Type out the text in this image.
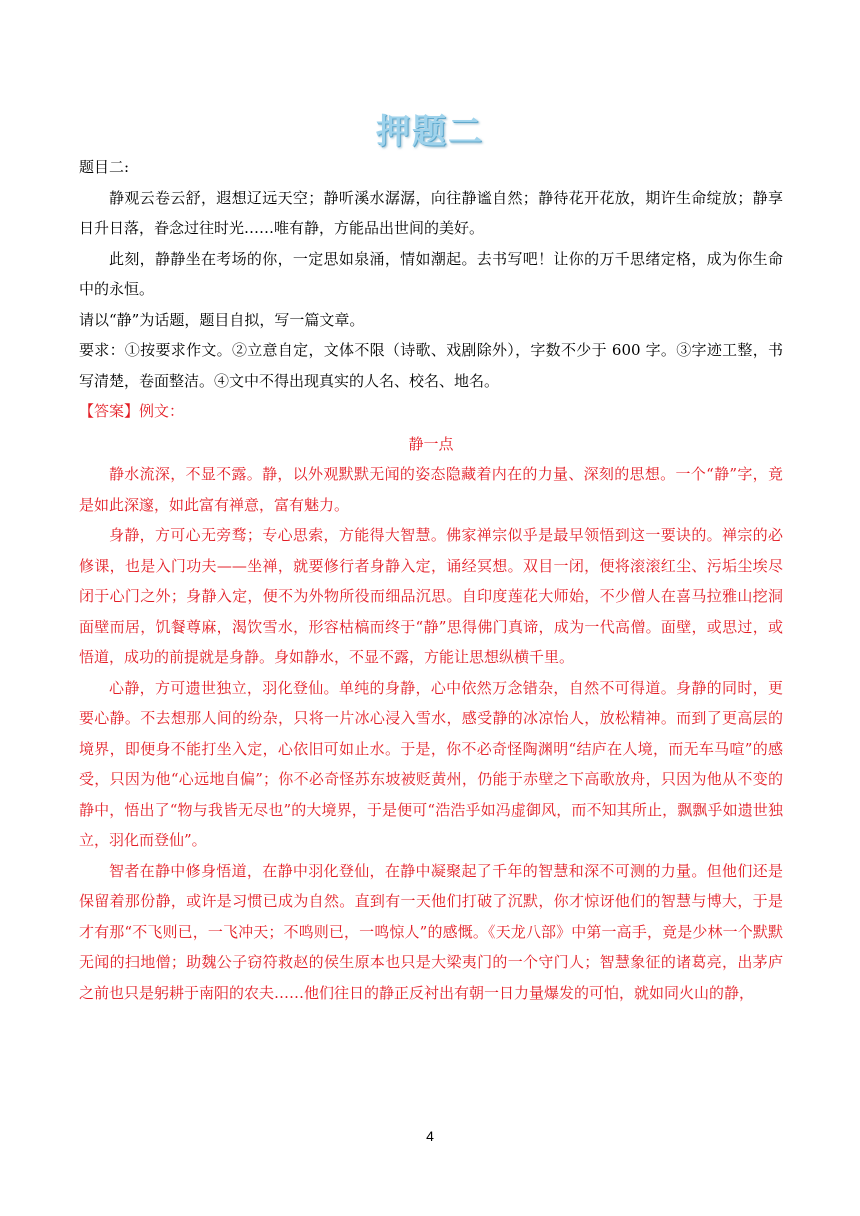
押题二

题目二:

静观云卷云舒，遐想辽远天空；静听溪水潺潺，向往静谧自然；静待花开花放，期许生命绽放；静享日升日落，眷念过往时光……唯有静，方能品出世间的美好。

此刻，静静坐在考场的你，一定思如泉涌，情如潮起。去书写吧！让你的万千思绪定格，成为你生命中的永恒。

请以“静”为话题，题目自拟，写一篇文章。

要求：①按要求作文。②立意自定，文体不限（诗歌、戏剧除外），字数不少于 600 字。③字迹工整，书写清楚，卷面整洁。④文中不得出现真实的人名、校名、地名。

【答案】例文：

静一点

静水流深，不显不露。静，以外观默默无闻的姿态隐藏着内在的力量、深刻的思想。一个“静”字，竟是如此深邃，如此富有禅意，富有魅力。

身静，方可心无旁骛；专心思索，方能得大智慧。佛家禅宗似乎是最早领悟到这一要诀的。禅宗的必修课，也是入门功夫——坐禅，就要修行者身静入定，诵经冥想。双目一闭，便将滚滚红尘、污垢尘埃尽闭于心门之外；身静入定，便不为外物所役而细品沉思。自印度莲花大师始，不少僧人在喜马拉雅山挖洞面壁而居，饥餐尊麻，渴饮雪水，形容枯槁而终于“静”思得佛门真谛，成为一代高僧。面壁，或思过，或悟道，成功的前提就是身静。身如静水，不显不露，方能让思想纵横千里。

心静，方可遗世独立，羽化登仙。单纯的身静，心中依然万念错杂，自然不可得道。身静的同时，更要心静。不去想那人间的纷杂，只将一片冰心浸入雪水，感受静的冰凉怡人，放松精神。而到了更高层的境界，即便身不能打坐入定，心依旧可如止水。于是，你不必奇怪陶渊明“结庐在人境，而无车马喧”的感受，只因为他“心远地自偏”；你不必奇怪苏东坡被贬黄州，仍能于赤壁之下高歌放舟，只因为他从不变的静中，悟出了“物与我皆无尽也”的大境界，于是便可“浩浩乎如冯虚御风，而不知其所止，飘飘乎如遗世独立，羽化而登仙”。

智者在静中修身悟道，在静中羽化登仙，在静中凝聚起了千年的智慧和深不可测的力量。但他们还是保留着那份静，或许是习惯已成为自然。直到有一天他们打破了沉默，你才惊讶他们的智慧与博大，于是才有那“不飞则已，一飞冲天；不鸣则已，一鸣惊人”的感慨。《天龙八部》中第一高手，竟是少林一个默默无闻的扫地僧；助魏公子窃符救赵的侯生原本也只是大梁夷门的一个守门人；智慧象征的诸葛亮，出茅庐之前也只是躬耕于南阳的农夫……他们往日的静正反衬出有朝一日力量爆发的可怕，就如同火山的静，

4
